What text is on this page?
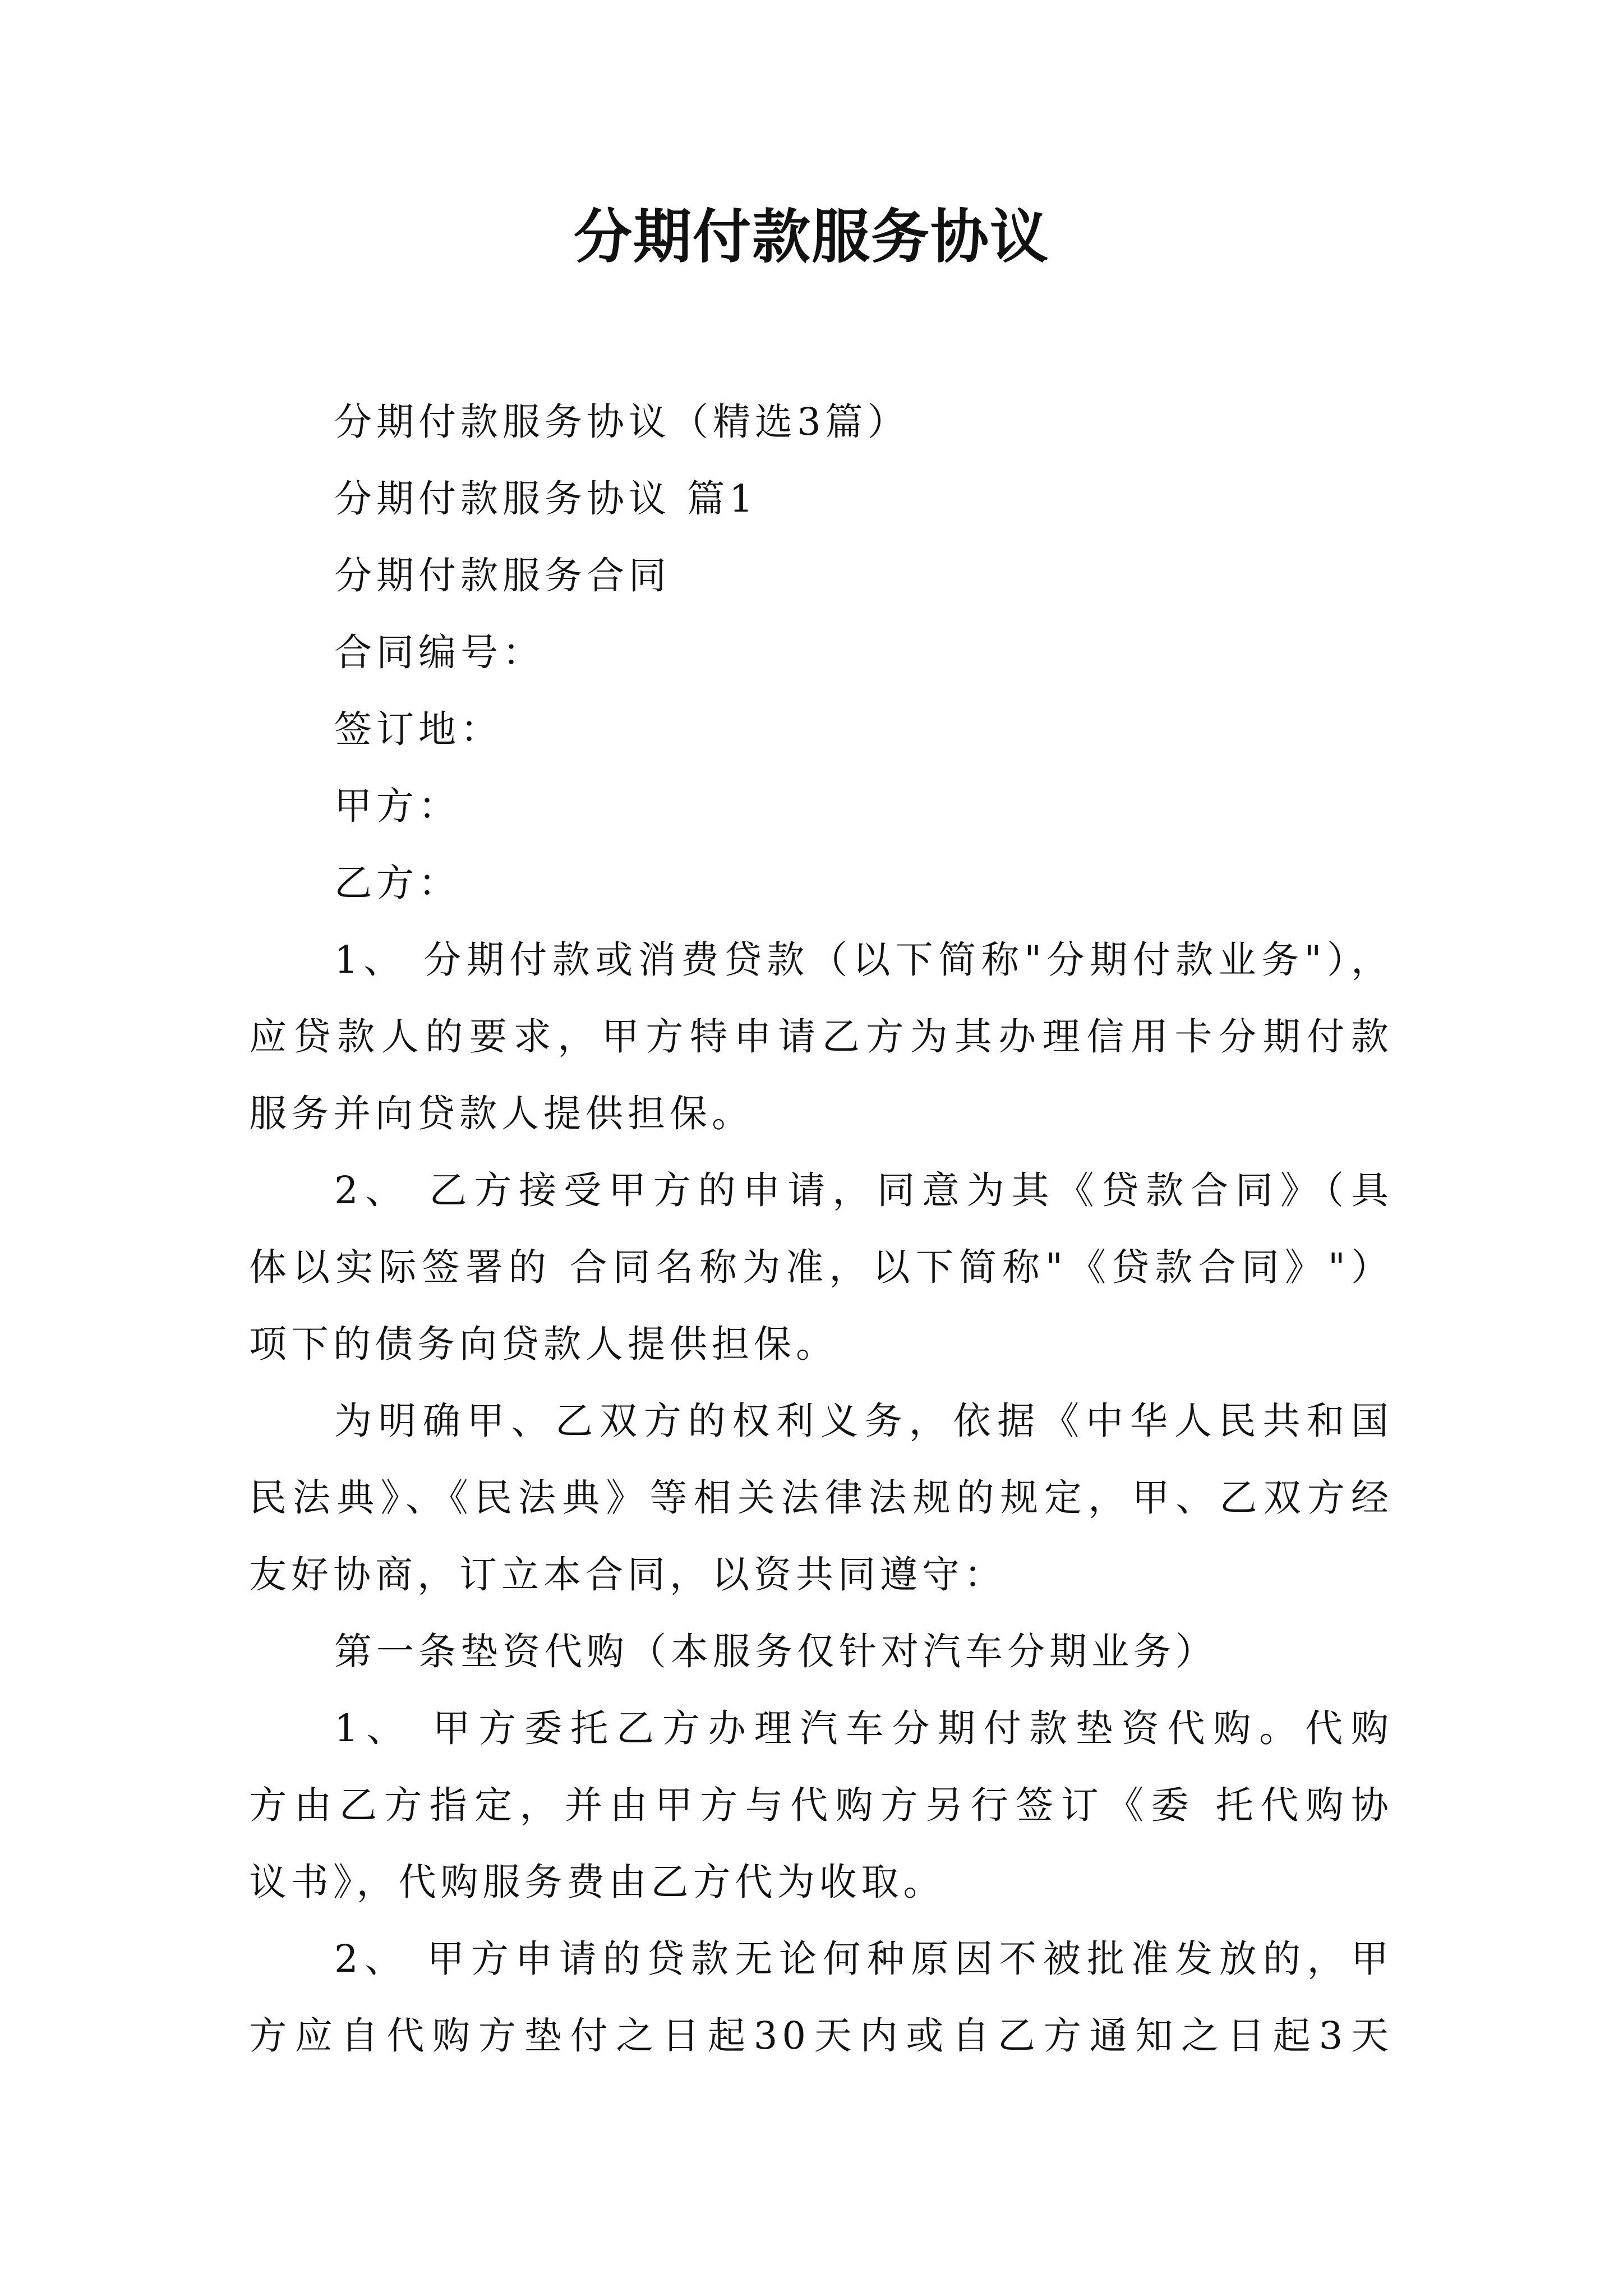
分期付款服务协议
分期付款服务协议（精选3篇）
分期付款服务协议 篇1
分期付款服务合同
合同编号：
签订地：
甲方：
乙方：
1、 分期付款或消费贷款（以下简称"分期付款业务"），
应贷款人的要求，甲方特申请乙方为其办理信用卡分期付款
服务并向贷款人提供担保。
2、 乙方接受甲方的申请，同意为其《贷款合同》（具
体以实际签署的 合同名称为准，以下简称"《贷款合同》"）
项下的债务向贷款人提供担保。
为明确甲、乙双方的权利义务，依据《中华人民共和国
民法典》、《民法典》等相关法律法规的规定，甲、乙双方经
友好协商，订立本合同，以资共同遵守：
第一条垫资代购（本服务仅针对汽车分期业务）
1、 甲方委托乙方办理汽车分期付款垫资代购。代购
方由乙方指定，并由甲方与代购方另行签订《委 托代购协
议书》，代购服务费由乙方代为收取。
2、 甲方申请的贷款无论何种原因不被批准发放的，甲
方应自代购方垫付之日起30天内或自乙方通知之日起3天
